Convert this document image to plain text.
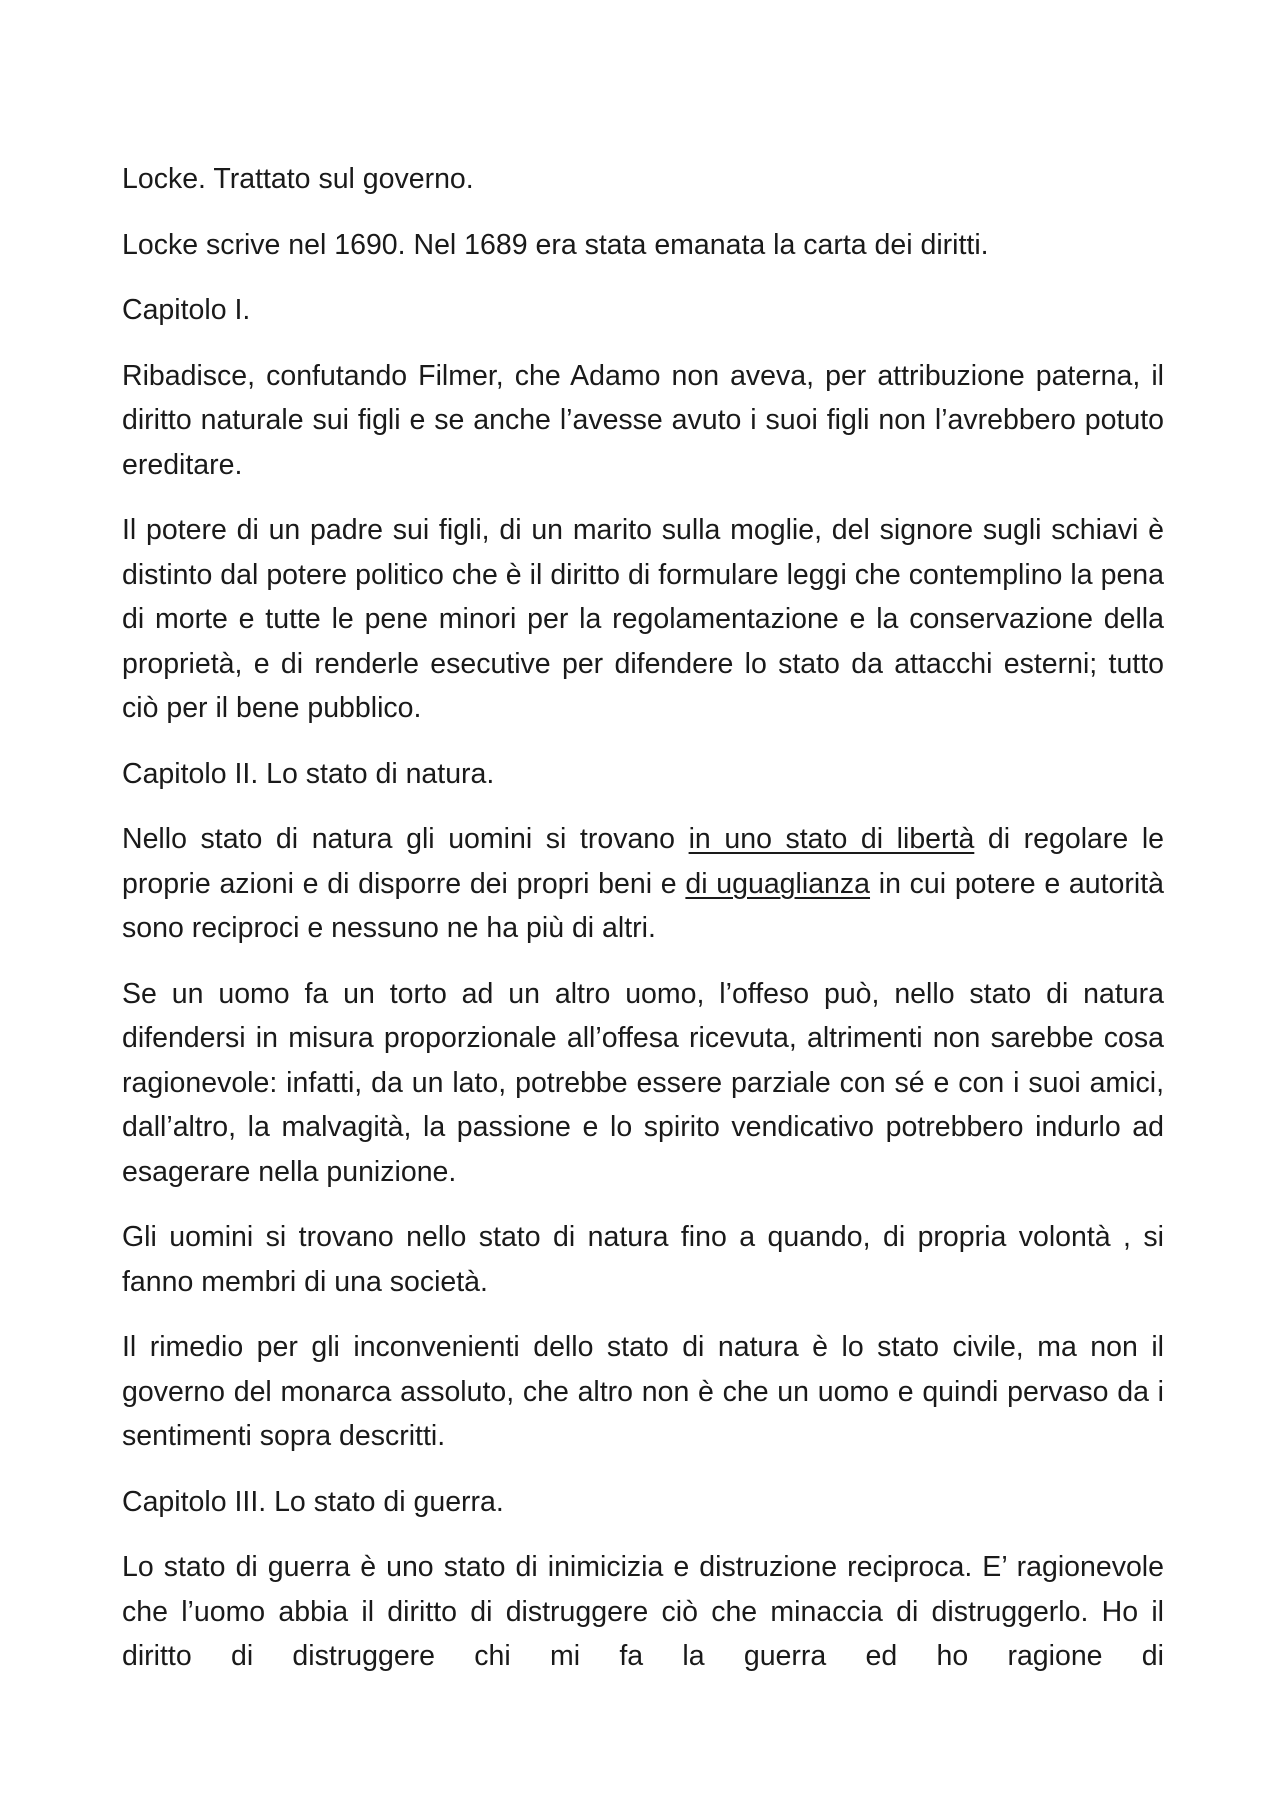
Locke. Trattato sul governo.

Locke scrive nel 1690. Nel 1689 era stata emanata la carta dei diritti.

Capitolo I.

Ribadisce, confutando Filmer, che Adamo non aveva, per attribuzione paterna, il diritto naturale sui figli e se anche l’avesse avuto i suoi figli non l’avrebbero potuto ereditare.

Il potere di un padre sui figli, di un marito sulla moglie, del signore sugli schiavi è distinto dal potere politico che è il diritto di formulare leggi che contemplino la pena di morte e tutte le pene minori per la regolamentazione e la conservazione della proprietà, e di renderle esecutive per difendere lo stato da attacchi esterni; tutto ciò per il bene pubblico.

Capitolo II. Lo stato di natura.

Nello stato di natura gli uomini si trovano in uno stato di libertà di regolare le proprie azioni e di disporre dei propri beni e di uguaglianza in cui potere e autorità sono reciproci e nessuno ne ha più di altri.

Se un uomo fa un torto ad un altro uomo, l’offeso può, nello stato di natura difendersi in misura proporzionale all’offesa ricevuta, altrimenti non sarebbe cosa ragionevole: infatti, da un lato, potrebbe essere parziale con sé e con i suoi amici, dall’altro, la malvagità, la passione e lo spirito vendicativo potrebbero indurlo ad esagerare nella punizione.

Gli uomini si trovano nello stato di natura fino a quando, di propria volontà , si fanno membri di una società.

Il rimedio per gli inconvenienti dello stato di natura è lo stato civile, ma non il governo del monarca assoluto, che altro non è che un uomo e quindi pervaso da i sentimenti sopra descritti.

Capitolo III. Lo stato di guerra.

Lo stato di guerra è uno stato di inimicizia e distruzione reciproca. E’ ragionevole che l’uomo abbia il diritto di distruggere ciò che minaccia di distruggerlo. Ho il diritto di distruggere chi mi fa la guerra ed ho ragione di
